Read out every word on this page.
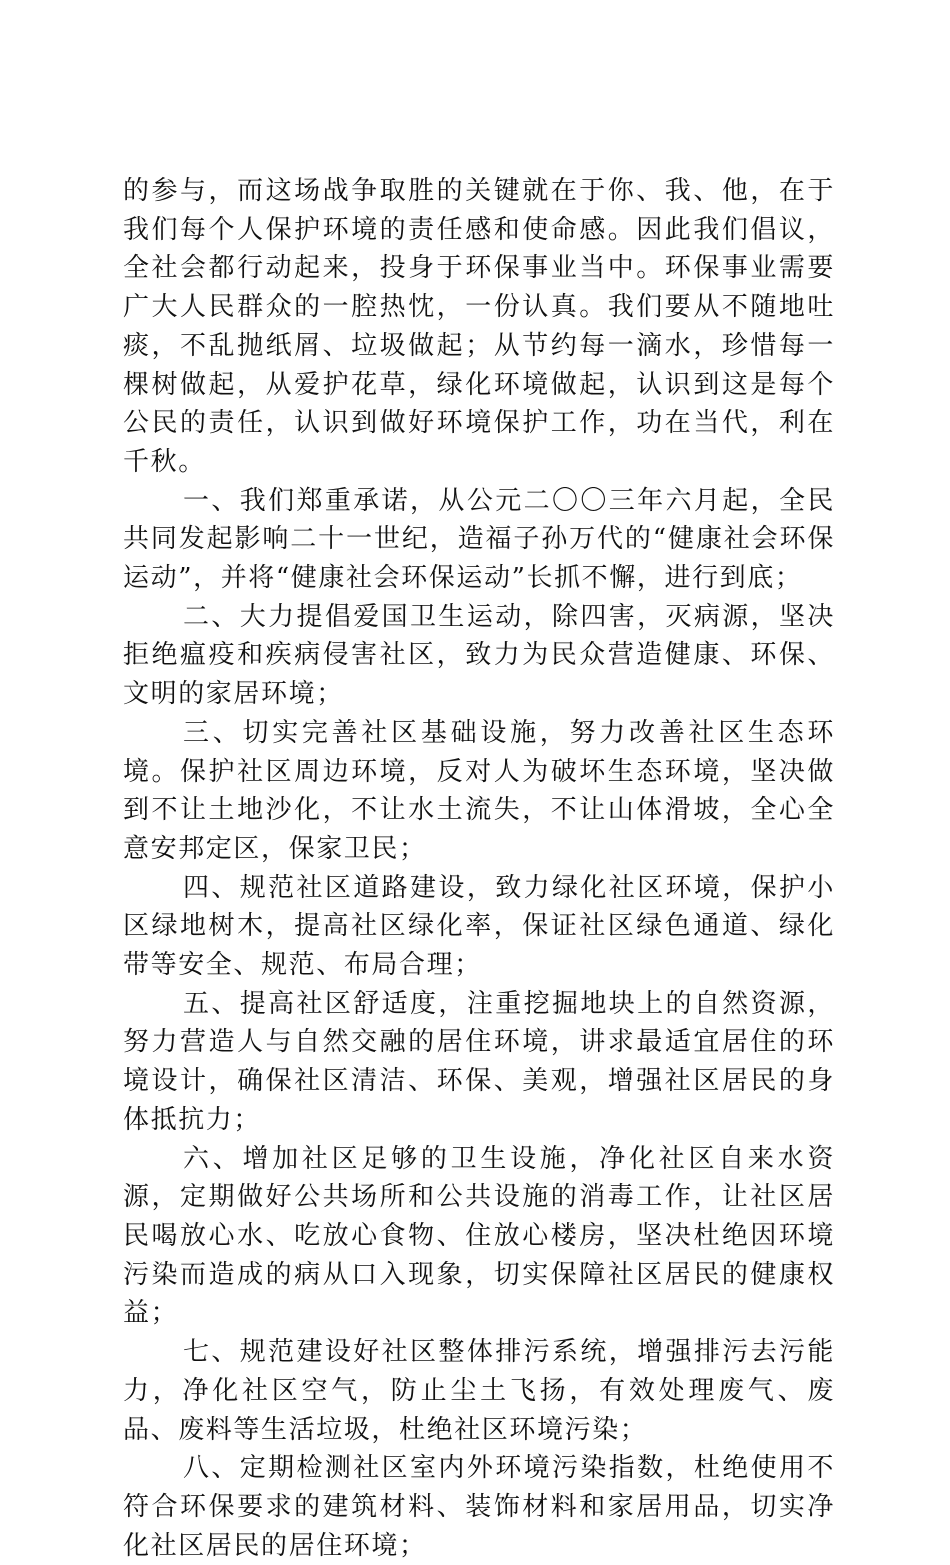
的参与，而这场战争取胜的关键就在于你、我、他，在于我们每个人保护环境的责任感和使命感。因此我们倡议，全社会都行动起来，投身于环保事业当中。环保事业需要广大人民群众的一腔热忱，一份认真。我们要从不随地吐痰，不乱抛纸屑、垃圾做起；从节约每一滴水，珍惜每一棵树做起，从爱护花草，绿化环境做起，认识到这是每个公民的责任，认识到做好环境保护工作，功在当代，利在千秋。

一、我们郑重承诺，从公元二〇〇三年六月起，全民共同发起影响二十一世纪，造福子孙万代的“健康社会环保运动”，并将“健康社会环保运动”长抓不懈，进行到底；

二、大力提倡爱国卫生运动，除四害，灭病源，坚决拒绝瘟疫和疾病侵害社区，致力为民众营造健康、环保、文明的家居环境；

三、切实完善社区基础设施，努力改善社区生态环境。保护社区周边环境，反对人为破坏生态环境，坚决做到不让土地沙化，不让水土流失，不让山体滑坡，全心全意安邦定区，保家卫民；

四、规范社区道路建设，致力绿化社区环境，保护小区绿地树木，提高社区绿化率，保证社区绿色通道、绿化带等安全、规范、布局合理；

五、提高社区舒适度，注重挖掘地块上的自然资源，努力营造人与自然交融的居住环境，讲求最适宜居住的环境设计，确保社区清洁、环保、美观，增强社区居民的身体抵抗力；

六、增加社区足够的卫生设施，净化社区自来水资源，定期做好公共场所和公共设施的消毒工作，让社区居民喝放心水、吃放心食物、住放心楼房，坚决杜绝因环境污染而造成的病从口入现象，切实保障社区居民的健康权益；

七、规范建设好社区整体排污系统，增强排污去污能力，净化社区空气，防止尘土飞扬，有效处理废气、废品、废料等生活垃圾，杜绝社区环境污染；

八、定期检测社区室内外环境污染指数，杜绝使用不符合环保要求的建筑材料、装饰材料和家居用品，切实净化社区居民的居住环境；
